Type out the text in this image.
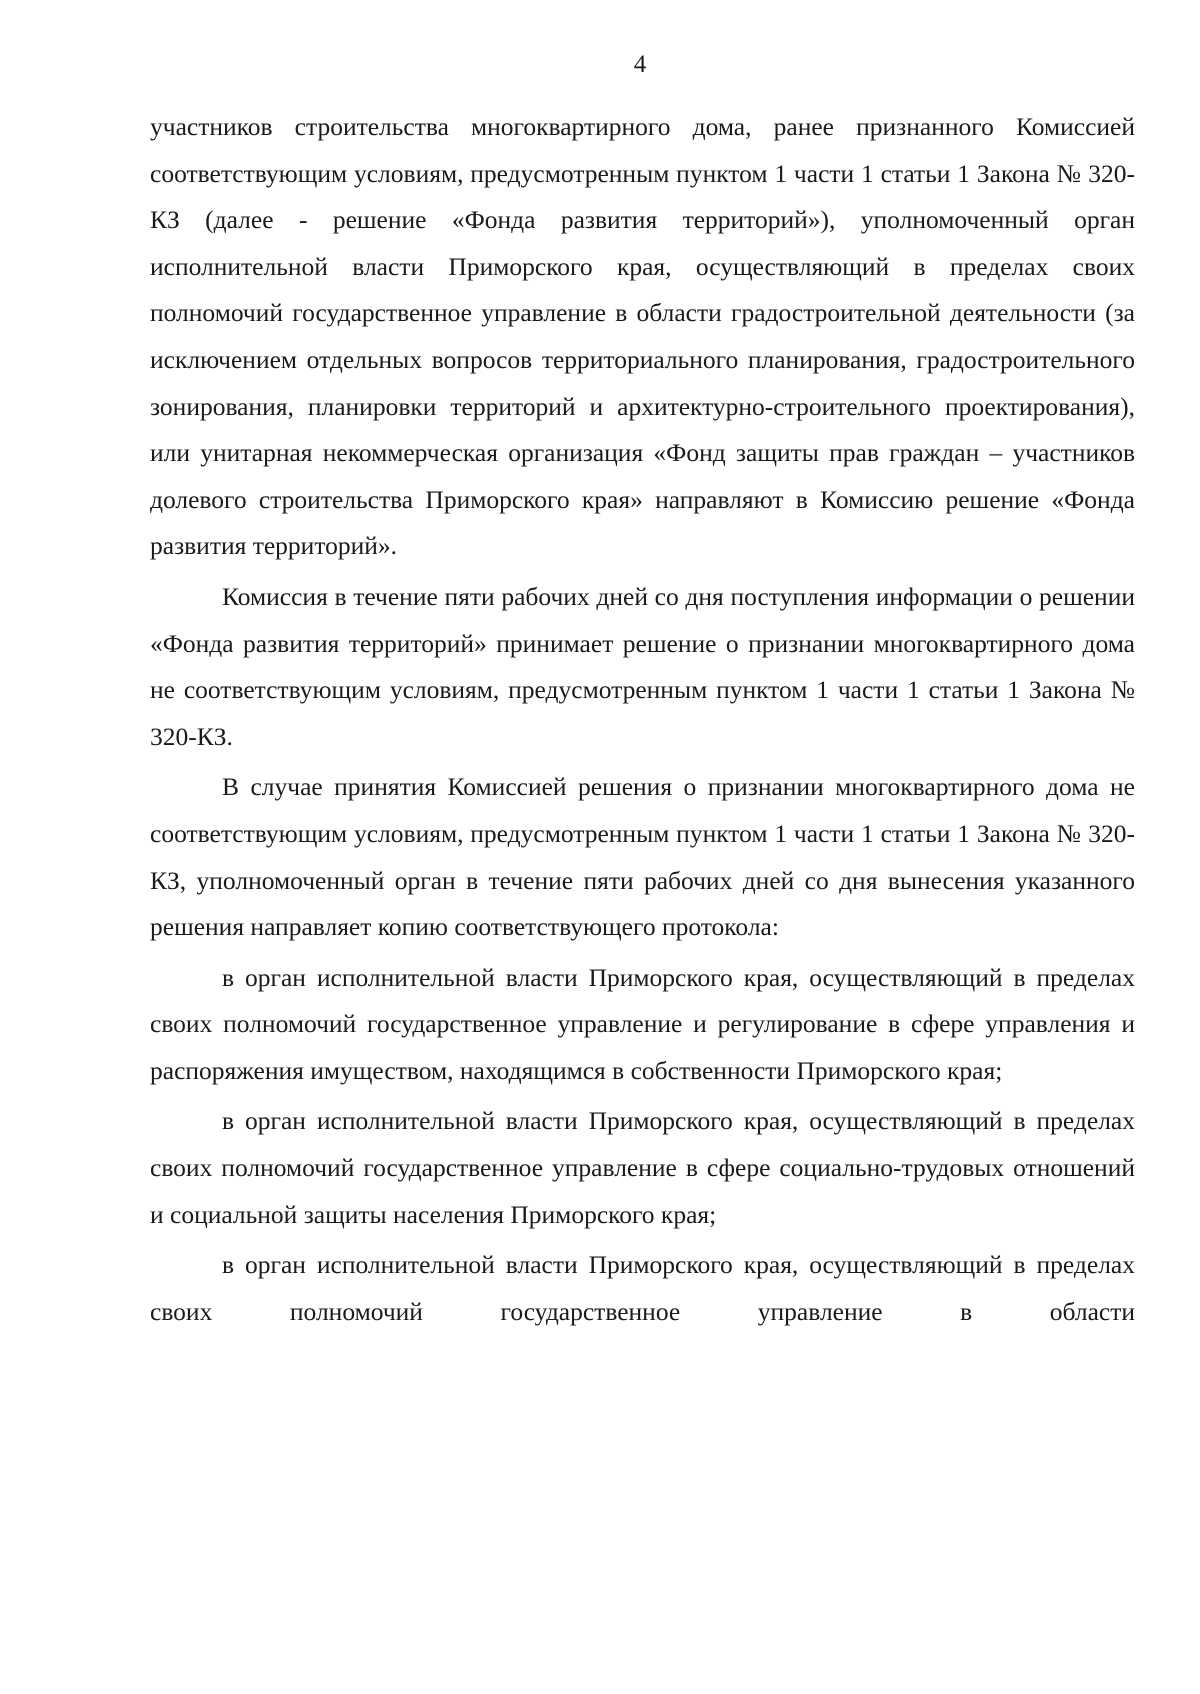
4

участников строительства многоквартирного дома, ранее признанного Комиссией соответствующим условиям, предусмотренным пунктом 1 части 1 статьи 1 Закона № 320-КЗ (далее - решение «Фонда развития территорий»), уполномоченный орган исполнительной власти Приморского края, осуществляющий в пределах своих полномочий государственное управление в области градостроительной деятельности (за исключением отдельных вопросов территориального планирования, градостроительного зонирования, планировки территорий и архитектурно-строительного проектирования), или унитарная некоммерческая организация «Фонд защиты прав граждан – участников долевого строительства Приморского края» направляют в Комиссию решение «Фонда развития территорий».

Комиссия в течение пяти рабочих дней со дня поступления информации о решении «Фонда развития территорий» принимает решение о признании многоквартирного дома не соответствующим условиям, предусмотренным пунктом 1 части 1 статьи 1 Закона № 320-КЗ.

В случае принятия Комиссией решения о признании многоквартирного дома не соответствующим условиям, предусмотренным пунктом 1 части 1 статьи 1 Закона № 320-КЗ, уполномоченный орган в течение пяти рабочих дней со дня вынесения указанного решения направляет копию соответствующего протокола:

в орган исполнительной власти Приморского края, осуществляющий в пределах своих полномочий государственное управление и регулирование в сфере управления и распоряжения имуществом, находящимся в собственности Приморского края;

в орган исполнительной власти Приморского края, осуществляющий в пределах своих полномочий государственное управление в сфере социально-трудовых отношений и социальной защиты населения Приморского края;

в орган исполнительной власти Приморского края, осуществляющий в пределах своих полномочий государственное управление в области
